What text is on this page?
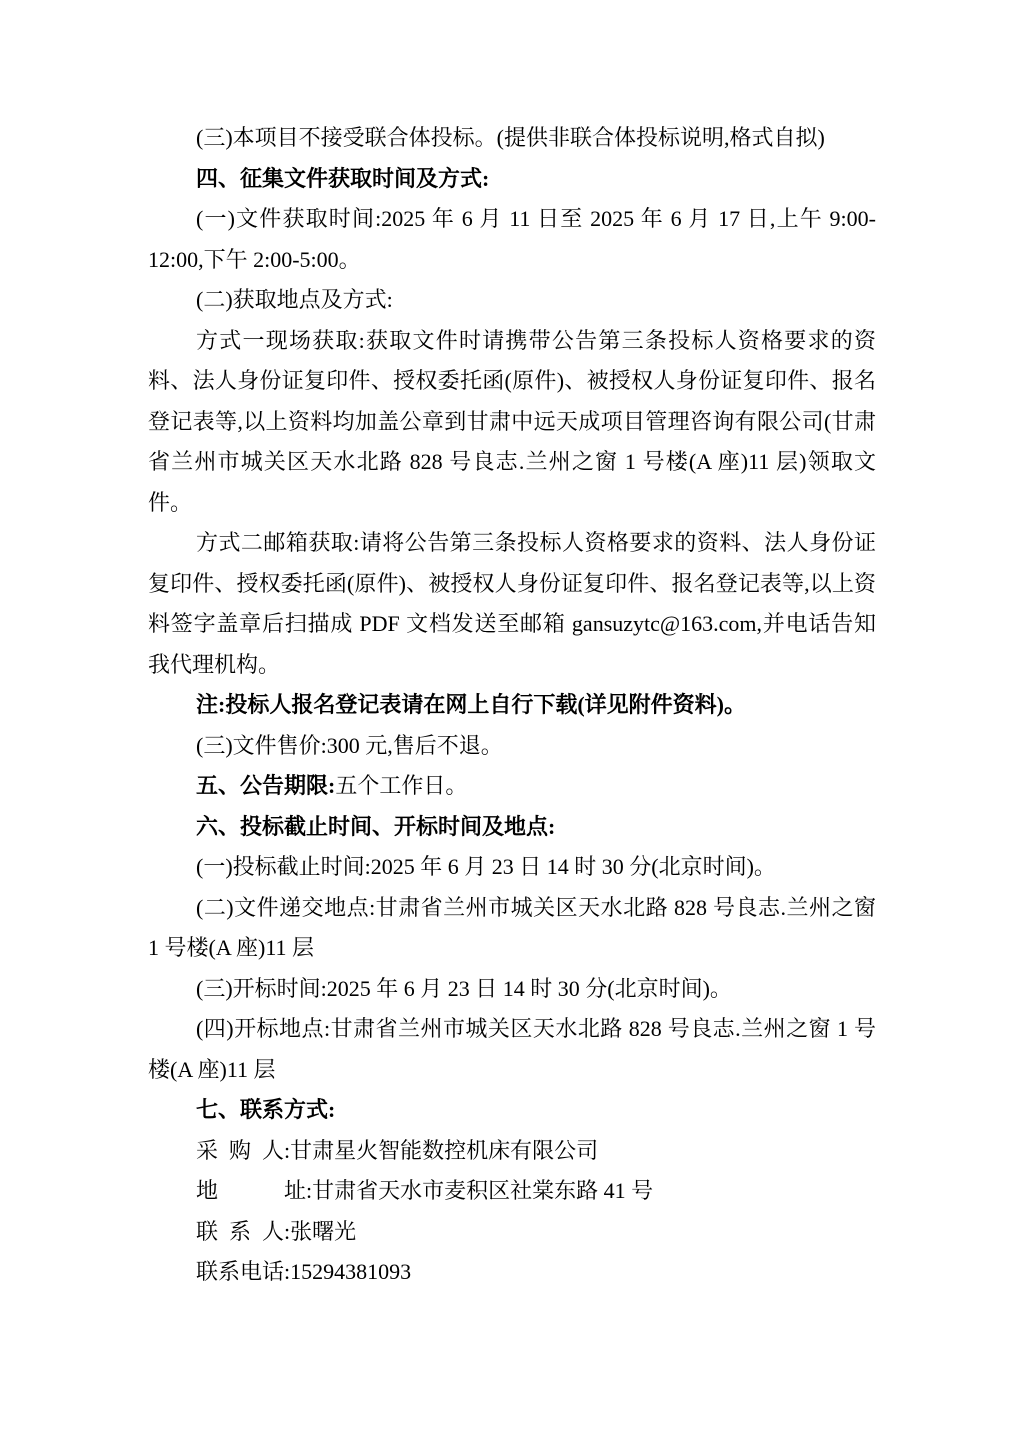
(三)本项目不接受联合体投标。(提供非联合体投标说明,格式自拟)

四、征集文件获取时间及方式:

(一)文件获取时间:2025 年 6 月 11 日至 2025 年 6 月 17 日,上午 9:00-12:00,下午 2:00-5:00。

(二)获取地点及方式:

方式一现场获取:获取文件时请携带公告第三条投标人资格要求的资料、法人身份证复印件、授权委托函(原件)、被授权人身份证复印件、报名登记表等,以上资料均加盖公章到甘肃中远天成项目管理咨询有限公司(甘肃省兰州市城关区天水北路 828 号良志.兰州之窗 1 号楼(A 座)11 层)领取文件。

方式二邮箱获取:请将公告第三条投标人资格要求的资料、法人身份证复印件、授权委托函(原件)、被授权人身份证复印件、报名登记表等,以上资料签字盖章后扫描成 PDF 文档发送至邮箱 gansuzytc@163.com,并电话告知我代理机构。

注:投标人报名登记表请在网上自行下载(详见附件资料)。

(三)文件售价:300 元,售后不退。

五、公告期限:五个工作日。

六、投标截止时间、开标时间及地点:

(一)投标截止时间:2025 年 6 月 23 日 14 时 30 分(北京时间)。

(二)文件递交地点:甘肃省兰州市城关区天水北路 828 号良志.兰州之窗 1 号楼(A 座)11 层

(三)开标时间:2025 年 6 月 23 日 14 时 30 分(北京时间)。

(四)开标地点:甘肃省兰州市城关区天水北路 828 号良志.兰州之窗 1 号楼(A 座)11 层

七、联系方式:

采 购 人:甘肃星火智能数控机床有限公司

地　　　址:甘肃省天水市麦积区社棠东路 41 号

联 系 人:张曙光

联系电话:15294381093
